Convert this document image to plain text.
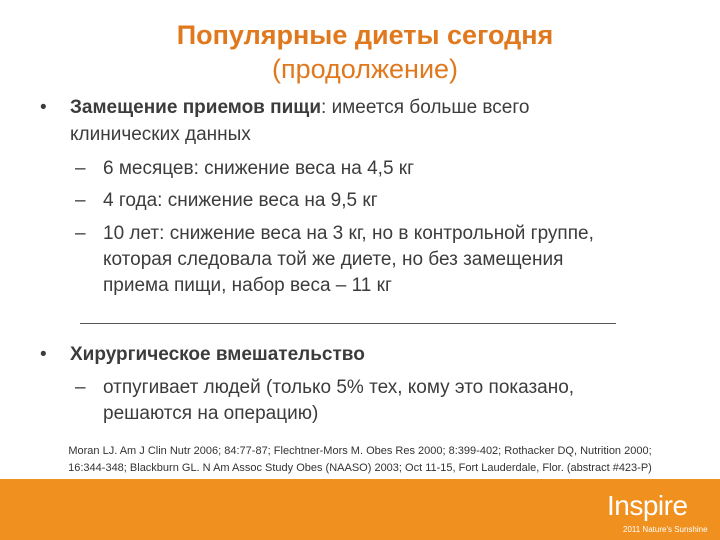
Популярные диеты сегодня
(продолжение)
• Замещение приемов пищи: имеется больше всего
клинических данных
– 6 месяцев: снижение веса на 4,5 кг
– 4 года: снижение веса на 9,5 кг
– 10 лет: снижение веса на 3 кг, но в контрольной группе,
которая следовала той же диете, но без замещения
приема пищи, набор веса – 11 кг
• Хирургическое вмешательство
– отпугивает людей (только 5% тех, кому это показано,
решаются на операцию)
Moran LJ. Am J Clin Nutr 2006; 84:77-87; Flechtner-Mors M. Obes Res 2000; 8:399-402; Rothacker DQ, Nutrition 2000;
16:344-348; Blackburn GL. N Am Assoc Study Obes (NAASO) 2003; Oct 11-15, Fort Lauderdale, Flor. (abstract #423-P)
Inspire
2011 Nature's Sunshine
